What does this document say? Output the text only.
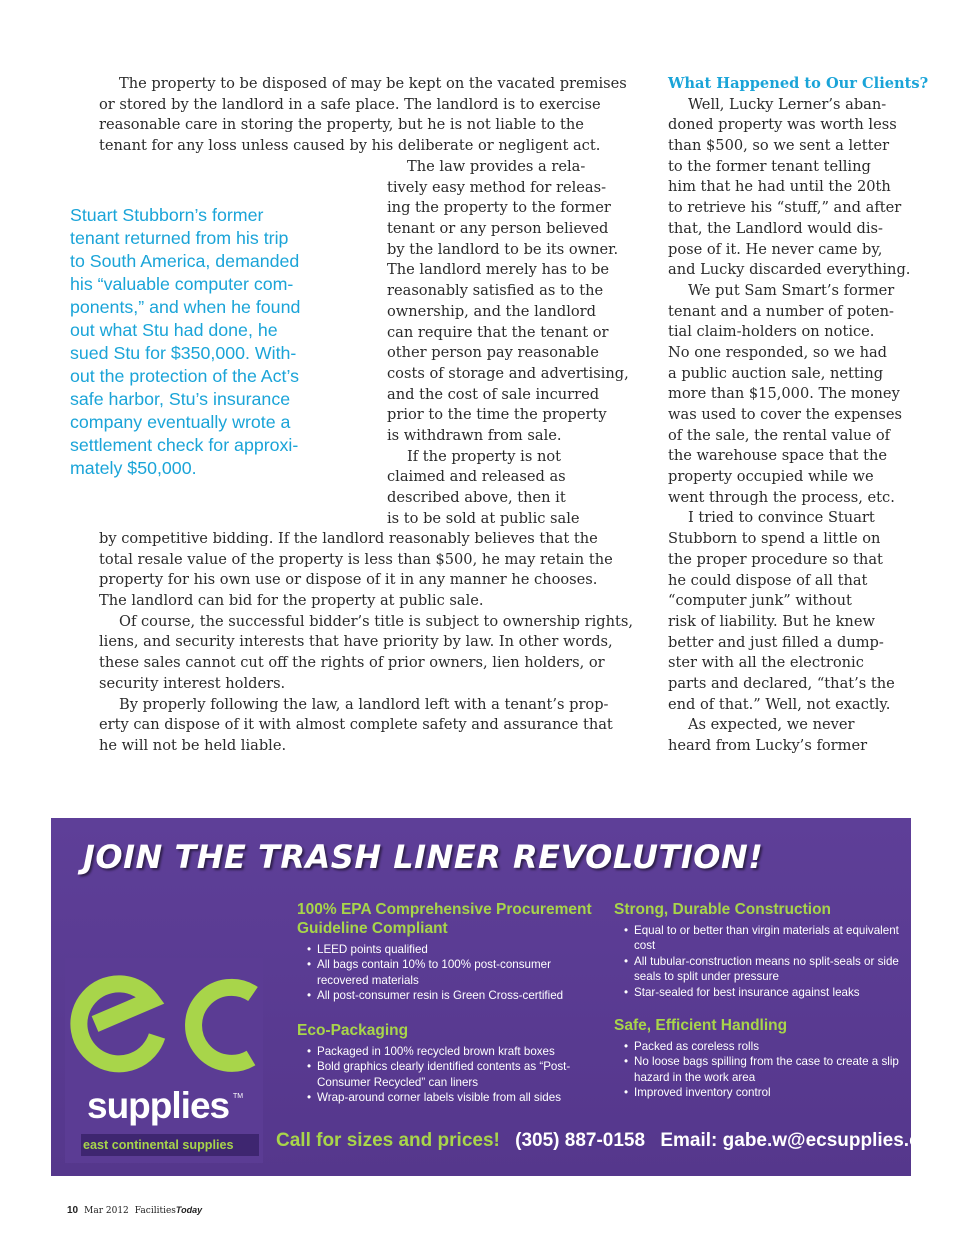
The property to be disposed of may be kept on the vacated premises
or stored by the landlord in a safe place. The landlord is to exercise
reasonable care in storing the property, but he is not liable to the
tenant for any loss unless caused by his deliberate or negligent act.
The law provides a rela-
tively easy method for releas-
ing the property to the former
tenant or any person believed
by the landlord to be its owner.
The landlord merely has to be
reasonably satisfied as to the
ownership, and the landlord
can require that the tenant or
other person pay reasonable
costs of storage and advertising,
and the cost of sale incurred
prior to the time the property
is withdrawn from sale.
If the property is not
claimed and released as
described above, then it
is to be sold at public sale
by competitive bidding. If the landlord reasonably believes that the
total resale value of the property is less than $500, he may retain the
property for his own use or dispose of it in any manner he chooses.
The landlord can bid for the property at public sale.
Of course, the successful bidder’s title is subject to ownership rights,
liens, and security interests that have priority by law. In other words,
these sales cannot cut off the rights of prior owners, lien holders, or
security interest holders.
By properly following the law, a landlord left with a tenant’s prop-
erty can dispose of it with almost complete safety and assurance that
he will not be held liable.
Stuart Stubborn’s former
tenant returned from his trip
to South America, demanded
his “valuable computer com-
ponents,” and when he found
out what Stu had done, he
sued Stu for $350,000. With-
out the protection of the Act’s
safe harbor, Stu’s insurance
company eventually wrote a
settlement check for approxi-
mately $50,000.
What Happened to Our Clients?
Well, Lucky Lerner’s aban-
doned property was worth less
than $500, so we sent a letter
to the former tenant telling
him that he had until the 20th
to retrieve his “stuff,” and after
that, the Landlord would dis-
pose of it. He never came by,
and Lucky discarded everything.
We put Sam Smart’s former
tenant and a number of poten-
tial claim-holders on notice.
No one responded, so we had
a public auction sale, netting
more than $15,000. The money
was used to cover the expenses
of the sale, the rental value of
the warehouse space that the
property occupied while we
went through the process, etc.
I tried to convince Stuart
Stubborn to spend a little on
the proper procedure so that
he could dispose of all that
“computer junk” without
risk of liability. But he knew
better and just filled a dump-
ster with all the electronic
parts and declared, “that’s the
end of that.” Well, not exactly.
As expected, we never
heard from Lucky’s former
JOIN THE TRASH LINER REVOLUTION!
100% EPA Comprehensive Procurement
Guideline Compliant
• LEED points qualified
• All bags contain 10% to 100% post-consumer recovered materials
• All post-consumer resin is Green Cross-certified
Eco-Packaging
• Packaged in 100% recycled brown kraft boxes
• Bold graphics clearly identified contents as “Post-Consumer Recycled” can liners
• Wrap-around corner labels visible from all sides
Strong, Durable Construction
• Equal to or better than virgin materials at equivalent cost
• All tubular-construction means no split-seals or side seals to split under pressure
• Star-sealed for best insurance against leaks
Safe, Efficient Handling
• Packed as coreless rolls
• No loose bags spilling from the case to create a slip hazard in the work area
• Improved inventory control
supplies TM
east continental supplies Call for sizes and prices! (305) 887-0158 Email: gabe.w@ecsupplies.com
10 Mar 2012 FacilitiesToday
